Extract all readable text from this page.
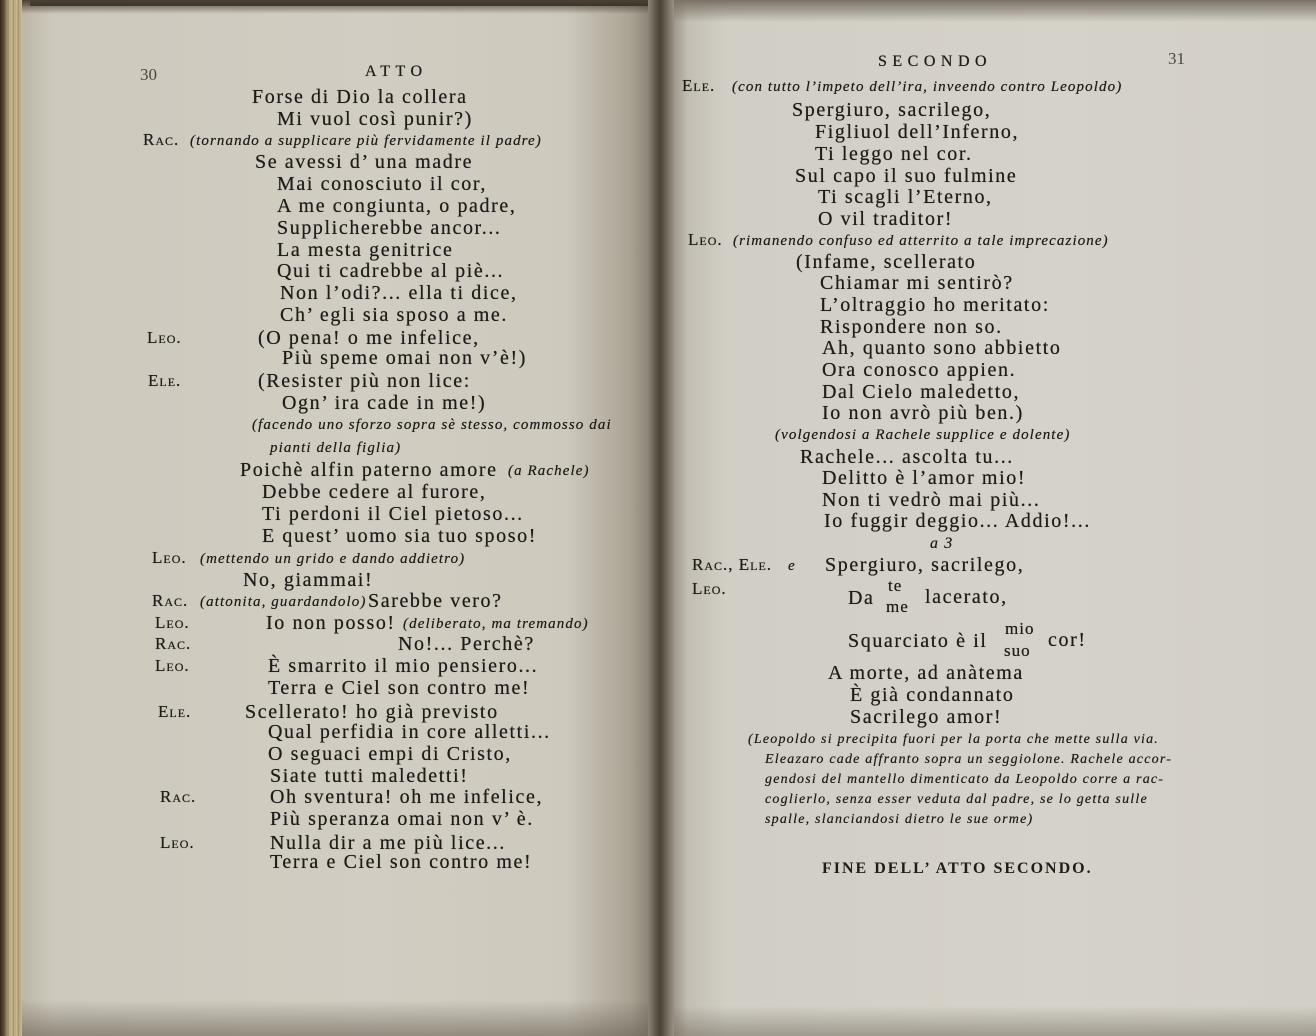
30	ATTO
Forse di Dio la collera
Mi vuol così punir?)
Rac. (tornando a supplicare più fervidamente il padre)
Se avessi d’ una madre
Mai conosciuto il cor,
A me congiunta, o padre,
Supplicherebbe ancor...
La mesta genitrice
Qui ti cadrebbe al piè...
Non l’odi?... ella ti dice,
Ch’ egli sia sposo a me.
Leo.	(O pena! o me infelice,
Più speme omai non v’è!)
Ele.	(Resister più non lice:
Ogn’ ira cade in me!)
(facendo uno sforzo sopra sè stesso, commosso dai
pianti della figlia)
Poichè alfin paterno amore (a Rachele)
Debbe cedere al furore,
Ti perdoni il Ciel pietoso...
E quest’ uomo sia tuo sposo!
Leo. (mettendo un grido e dando addietro)
No, giammai!
Rac. (attonita, guardandolo) Sarebbe vero?
Leo.	Io non posso! (deliberato, ma tremando)
Rac.	No!... Perchè?
Leo.	È smarrito il mio pensiero...
Terra e Ciel son contro me!
Ele.	Scellerato! ho già previsto
Qual perfidia in core alletti...
O seguaci empi di Cristo,
Siate tutti maledetti!
Rac.	Oh sventura! oh me infelice,
Più speranza omai non v’ è.
Leo.	Nulla dir a me più lice...
Terra e Ciel son contro me!
SECONDO	31
Ele. (con tutto l’impeto dell’ira, inveendo contro Leopoldo)
Spergiuro, sacrilego,
Figliuol dell’Inferno,
Ti leggo nel cor.
Sul capo il suo fulmine
Ti scagli l’Eterno,
O vil traditor!
Leo. (rimanendo confuso ed atterrito a tale imprecazione)
(Infame, scellerato
Chiamar mi sentirò?
L’oltraggio ho meritato:
Rispondere non so.
Ah, quanto sono abbietto
Ora conosco appien.
Dal Cielo maledetto,
Io non avrò più ben.)
(volgendosi a Rachele supplice e dolente)
Rachele... ascolta tu...
Delitto è l’amor mio!
Non ti vedrò mai più...
Io fuggir deggio... Addio!...
a 3
Rac., Ele. e Spergiuro, sacrilego,
Leo.	Da
te
me lacerato,
Squarciato è il
mio
suo cor!
A morte, ad anàtema
È già condannato
Sacrilego amor!
(Leopoldo si precipita fuori per la porta che mette sulla via.
Eleazaro cade affranto sopra un seggiolone. Rachele accor-
gendosi del mantello dimenticato da Leopoldo corre a rac-
coglierlo, senza esser veduta dal padre, se lo getta sulle
spalle, slanciandosi dietro le sue orme)
FINE DELL’ ATTO SECONDO.
